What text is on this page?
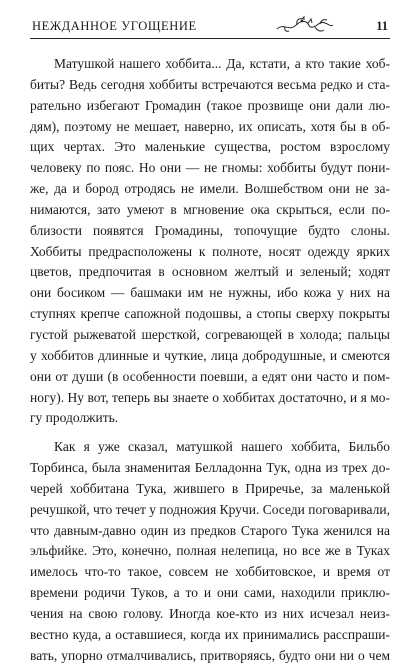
НЕЖДАННОЕ УГОЩЕНИЕ	11
Матушкой нашего хоббита... Да, кстати, а кто такие хоб-
биты? Ведь сегодня хоббиты встречаются весьма редко и ста-
рательно избегают Громадин (такое прозвище они дали лю-
дям), поэтому не мешает, наверно, их описать, хотя бы в об-
щих чертах. Это маленькие существа, ростом взрослому
человеку по пояс. Но они — не гномы: хоббиты будут пони-
же, да и бород отродясь не имели. Волшебством они не за-
нимаются, зато умеют в мгновение ока скрыться, если по-
близости появятся Громадины, топочущие будто слоны.
Хоббиты предрасположены к полноте, носят одежду ярких
цветов, предпочитая в основном желтый и зеленый; ходят
они босиком — башмаки им не нужны, ибо кожа у них на
ступнях крепче сапожной подошвы, а стопы сверху покрыты
густой рыжеватой шерсткой, согревающей в холода; пальцы
у хоббитов длинные и чуткие, лица добродушные, и смеются
они от души (в особенности поевши, а едят они часто и пом-
ногу). Ну вот, теперь вы знаете о хоббитах достаточно, и я мо-
гу продолжить.
Как я уже сказал, матушкой нашего хоббита, Бильбо
Торбинса, была знаменитая Белладонна Тук, одна из трех до-
черей хоббитана Тука, жившего в Приречье, за маленькой
речушкой, что течет у подножия Кручи. Соседи поговаривали,
что давным-давно один из предков Старого Тука женился на
эльфийке. Это, конечно, полная нелепица, но все же в Туках
имелось что-то такое, совсем не хоббитовское, и время от
времени родичи Туков, а то и они сами, находили приклю-
чения на свою голову. Иногда кое-кто из них исчезал неиз-
вестно куда, а оставшиеся, когда их принимались расспраши-
вать, упорно отмалчивались, притворяясь, будто они ни о чем
